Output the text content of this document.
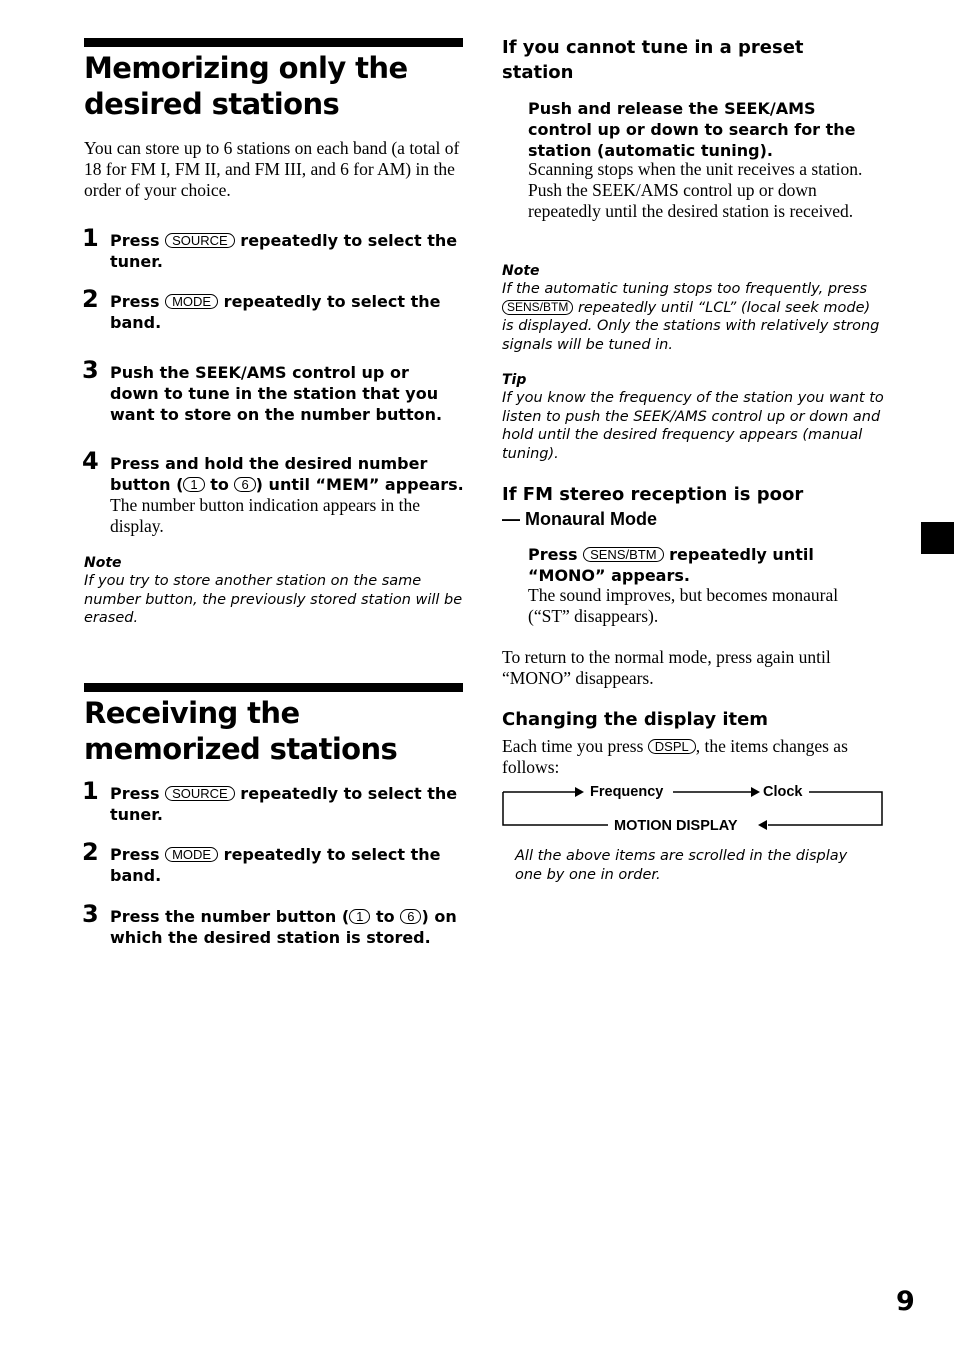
Memorizing only the desired stations
You can store up to 6 stations on each band (a total of 18 for FM I, FM II, and FM III, and 6 for AM) in the order of your choice.
1 Press SOURCE repeatedly to select the tuner.
2 Press MODE repeatedly to select the band.
3 Push the SEEK/AMS control up or down to tune in the station that you want to store on the number button.
4 Press and hold the desired number button ( 1 to 6 ) until “MEM” appears.
The number button indication appears in the display.
Note
If you try to store another station on the same number button, the previously stored station will be erased.
Receiving the memorized stations
1 Press SOURCE repeatedly to select the tuner.
2 Press MODE repeatedly to select the band.
3 Press the number button ( 1 to 6 ) on which the desired station is stored.
If you cannot tune in a preset station
Push and release the SEEK/AMS control up or down to search for the station (automatic tuning).
Scanning stops when the unit receives a station. Push the SEEK/AMS control up or down repeatedly until the desired station is received.
Note
If the automatic tuning stops too frequently, press SENS/BTM repeatedly until “LCL” (local seek mode) is displayed. Only the stations with relatively strong signals will be tuned in.
Tip
If you know the frequency of the station you want to listen to push the SEEK/AMS control up or down and hold until the desired frequency appears (manual tuning).
If FM stereo reception is poor
— Monaural Mode
Press SENS/BTM repeatedly until “MONO” appears.
The sound improves, but becomes monaural (“ST” disappears).
To return to the normal mode, press again until “MONO” disappears.
Changing the display item
Each time you press DSPL , the items changes as follows:
Frequency	Clock
MOTION DISPLAY
All the above items are scrolled in the display one by one in order.
9
